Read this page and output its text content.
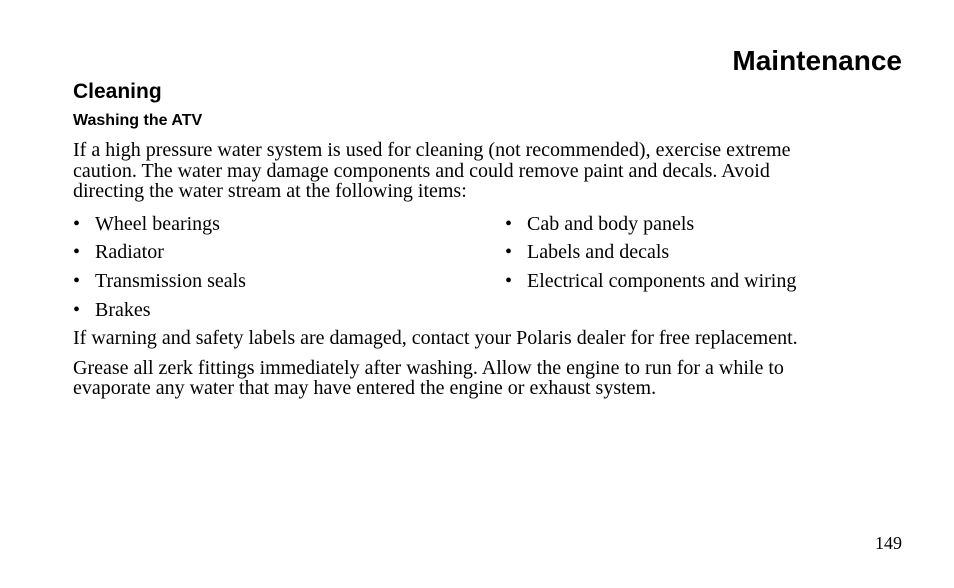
Maintenance
Cleaning
Washing the ATV

If a high pressure water system is used for cleaning (not recommended), exercise extreme
caution. The water may damage components and could remove paint and decals. Avoid
directing the water stream at the following items:

• Wheel bearings
• Radiator
• Transmission seals
• Brakes
• Cab and body panels
• Labels and decals
• Electrical components and wiring

If warning and safety labels are damaged, contact your Polaris dealer for free replacement.

Grease all zerk fittings immediately after washing. Allow the engine to run for a while to
evaporate any water that may have entered the engine or exhaust system.

149
